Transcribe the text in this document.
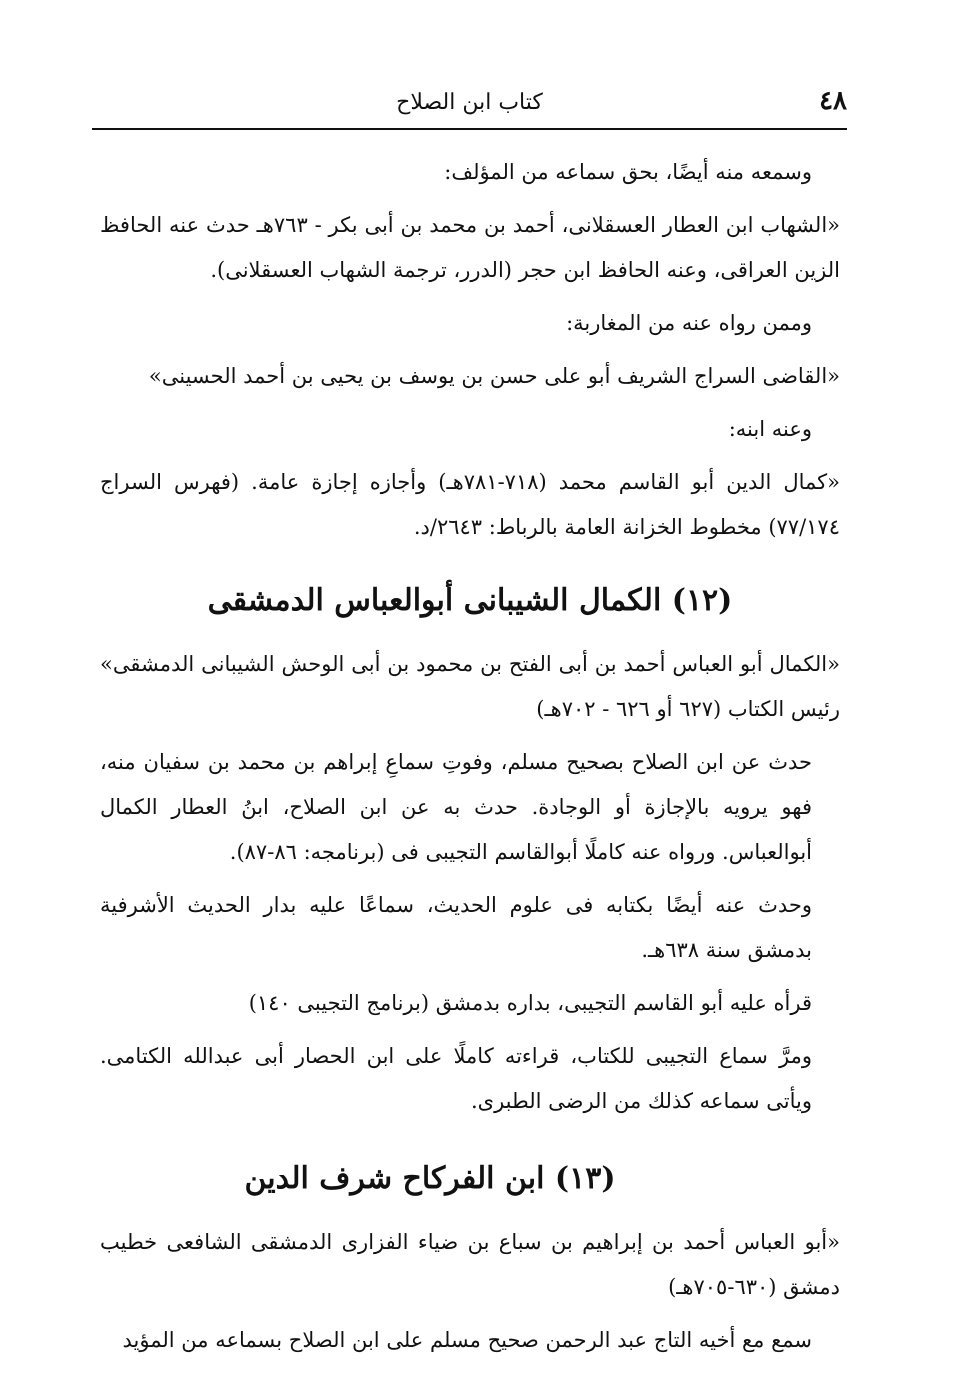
٤٨
كتاب ابن الصلاح

وسمعه منه أيضًا، بحق سماعه من المؤلف:

«الشهاب ابن العطار العسقلانى، أحمد بن محمد بن أبى بكر - ٧٦٣هـ حدث عنه الحافظ الزين العراقى، وعنه الحافظ ابن حجر (الدرر، ترجمة الشهاب العسقلانى).

وممن رواه عنه من المغاربة:

«القاضى السراج الشريف أبو على حسن بن يوسف بن يحيى بن أحمد الحسينى»

وعنه ابنه:

«كمال الدين أبو القاسم محمد (٧١٨-٧٨١هـ) وأجازه إجازة عامة. (فهرس السراج ٧٧/١٧٤) مخطوط الخزانة العامة بالرباط: ٢٦٤٣/د.

(١٢) الكمال الشيبانى أبوالعباس الدمشقى

«الكمال أبو العباس أحمد بن أبى الفتح بن محمود بن أبى الوحش الشيبانى الدمشقى» رئيس الكتاب (٦٢٧ أو ٦٢٦ - ٧٠٢هـ)

حدث عن ابن الصلاح بصحيح مسلم، وفوتِ سماعِ إبراهم بن محمد بن سفيان منه، فهو يرويه بالإجازة أو الوجادة. حدث به عن ابن الصلاح، ابنُ العطار الكمال أبوالعباس. ورواه عنه كاملًا أبوالقاسم التجيبى فى (برنامجه: ٨٦-٨٧).

وحدث عنه أيضًا بكتابه فى علوم الحديث، سماعًا عليه بدار الحديث الأشرفية بدمشق سنة ٦٣٨هـ.

قرأه عليه أبو القاسم التجيبى، بداره بدمشق (برنامج التجيبى ١٤٠)

ومرَّ سماع التجيبى للكتاب، قراءته كاملًا على ابن الحصار أبى عبدالله الكتامى. ويأتى سماعه كذلك من الرضى الطبرى.

(١٣) ابن الفركاح شرف الدين

«أبو العباس أحمد بن إبراهيم بن سباع بن ضياء الفزارى الدمشقى الشافعى خطيب دمشق (٦٣٠-٧٠٥هـ)

سمع مع أخيه التاج عبد الرحمن صحيح مسلم على ابن الصلاح بسماعه من المؤيد
